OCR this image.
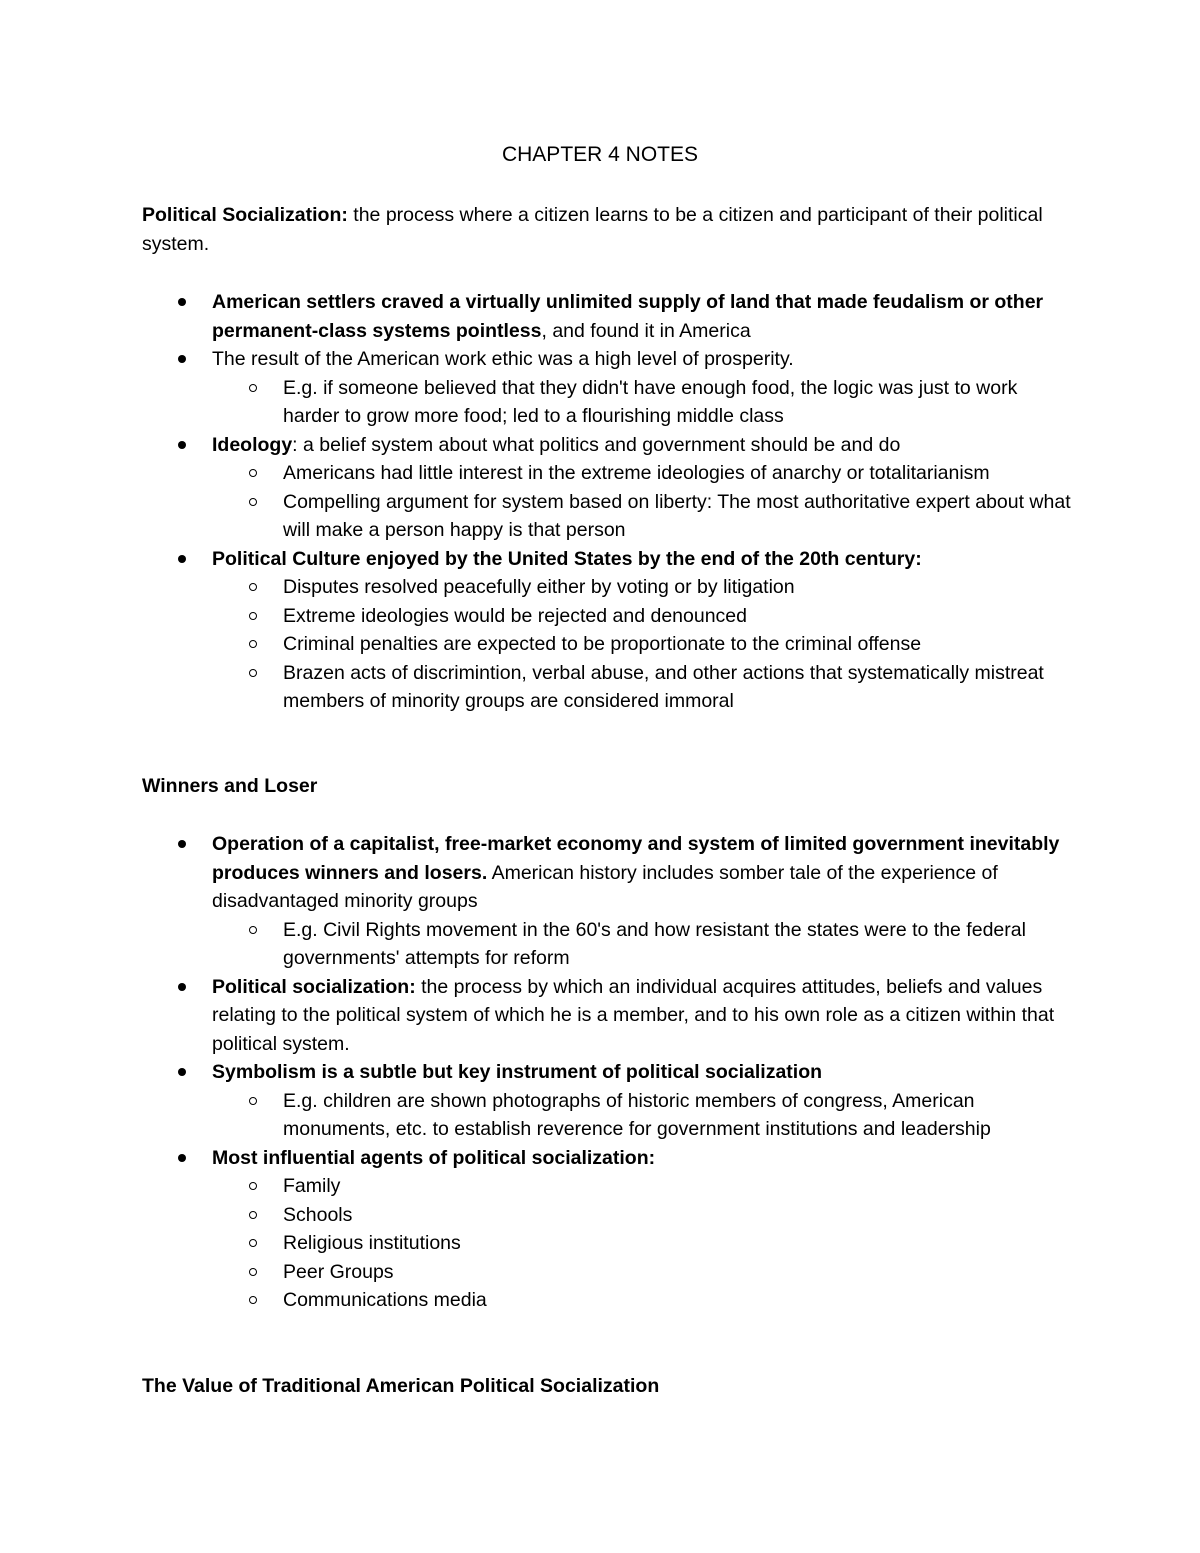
CHAPTER 4 NOTES
Political Socialization: the process where a citizen learns to be a citizen and participant of their political system.
American settlers craved a virtually unlimited supply of land that made feudalism or other permanent-class systems pointless, and found it in America
The result of the American work ethic was a high level of prosperity.
E.g. if someone believed that they didn't have enough food, the logic was just to work harder to grow more food; led to a flourishing middle class
Ideology: a belief system about what politics and government should be and do
Americans had little interest in the extreme ideologies of anarchy or totalitarianism
Compelling argument for system based on liberty: The most authoritative expert about what will make a person happy is that person
Political Culture enjoyed by the United States by the end of the 20th century:
Disputes resolved peacefully either by voting or by litigation
Extreme ideologies would be rejected and denounced
Criminal penalties are expected to be proportionate to the criminal offense
Brazen acts of discrimintion, verbal abuse, and other actions that systematically mistreat members of minority groups are considered immoral
Winners and Loser
Operation of a capitalist, free-market economy and system of limited government inevitably produces winners and losers. American history includes somber tale of the experience of disadvantaged minority groups
E.g. Civil Rights movement in the 60's and how resistant the states were to the federal governments' attempts for reform
Political socialization: the process by which an individual acquires attitudes, beliefs and values relating to the political system of which he is a member, and to his own role as a citizen within that political system.
Symbolism is a subtle but key instrument of political socialization
E.g. children are shown photographs of historic members of congress, American monuments, etc. to establish reverence for government institutions and leadership
Most influential agents of political socialization:
Family
Schools
Religious institutions
Peer Groups
Communications media
The Value of Traditional American Political Socialization
